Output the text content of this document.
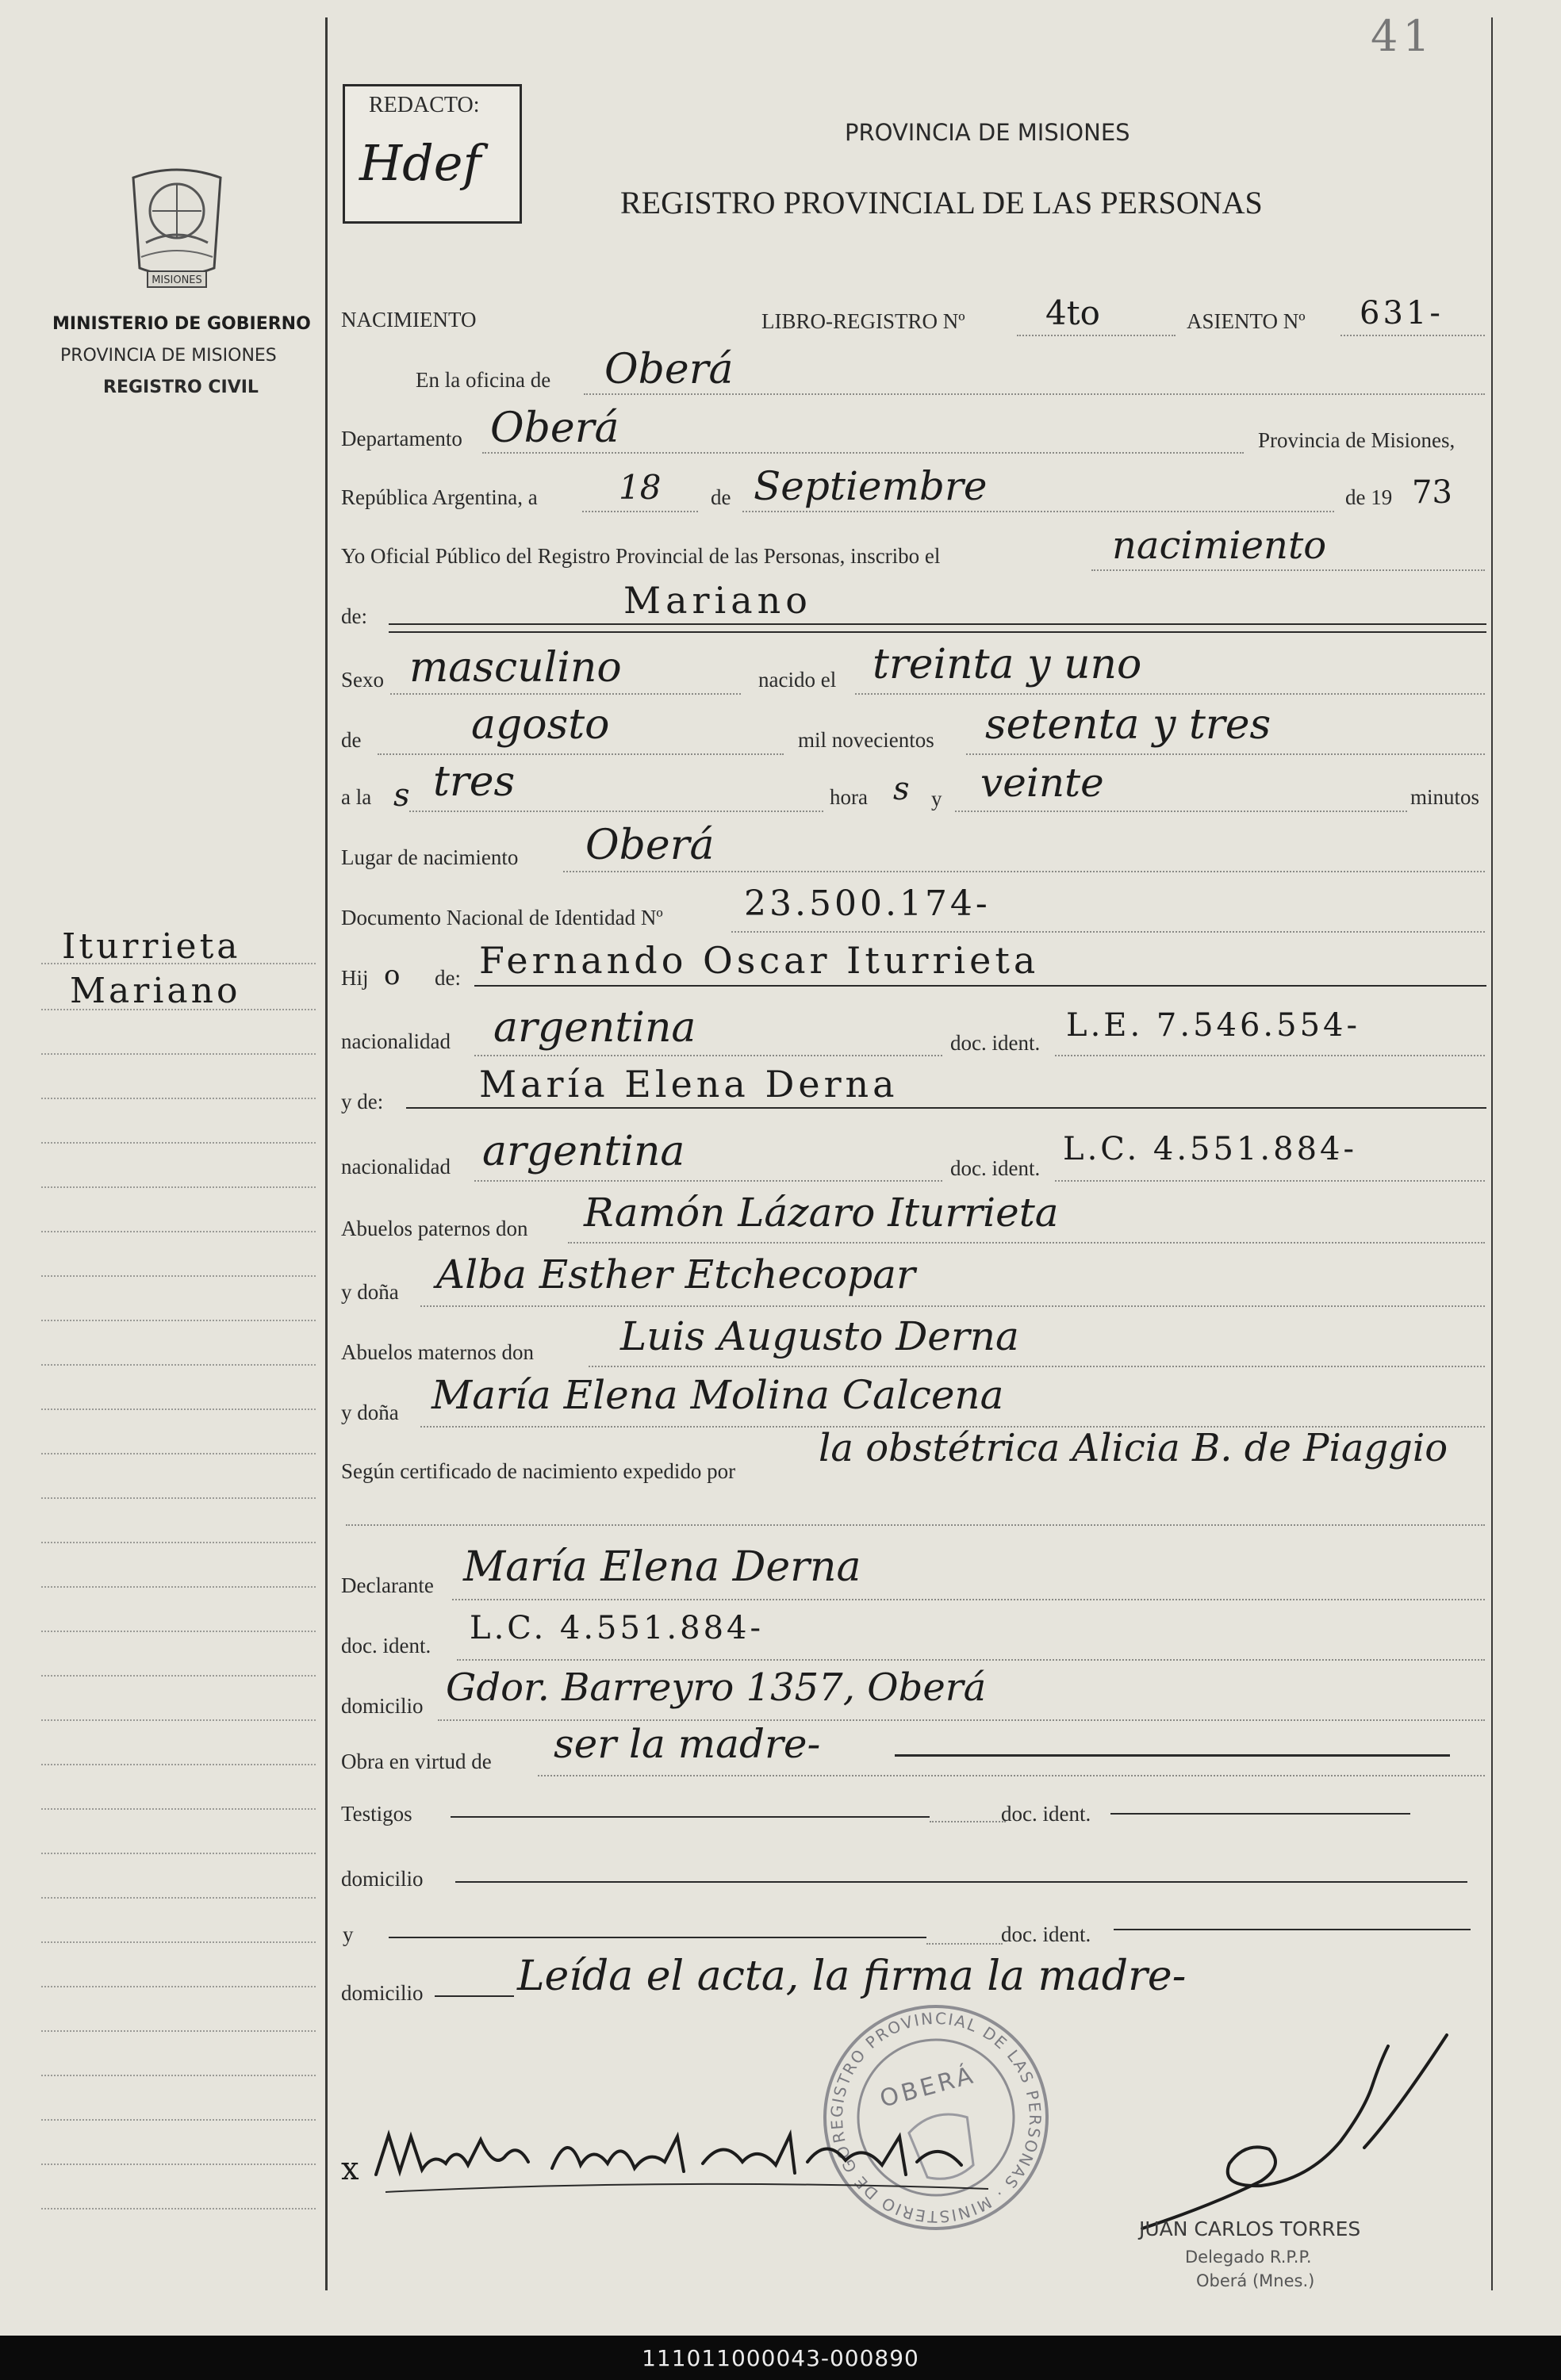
41
REDACTO:
Hdef
PROVINCIA DE MISIONES
REGISTRO PROVINCIAL DE LAS PERSONAS
MISIONES
MINISTERIO DE GOBIERNO
PROVINCIA DE MISIONES
REGISTRO CIVIL
Iturrieta
Mariano
NACIMIENTO	LIBRO-REGISTRO Nº 4to	ASIENTO Nº 631-
En la oficina de Oberá
Departamento Oberá	Provincia de Misiones,
República Argentina, a 18 de Septiembre	de 19 73
Yo Oficial Público del Registro Provincial de las Personas, inscribo el	nacimiento
de:	Mariano
Sexo masculino	nacido el treinta y uno
de	agosto	mil novecientos setenta y tres
a la s tres	hora s y veinte	minutos
Lugar de nacimiento Oberá
Documento Nacional de Identidad Nº 23.500.174-
Hij o de: Fernando Oscar Iturrieta
nacionalidad argentina	doc. ident. L.E. 7.546.554-
y de:	María Elena Derna
nacionalidad argentina	doc. ident.
L.C. 4.551.884-
Abuelos paternos don Ramón Lázaro Iturrieta
y doña Alba Esther Etchecopar
Abuelos maternos don Luis Augusto Derna
y doña María Elena Molina Calcena
Según certificado de nacimiento expedido por
la obstétrica Alicia B. de Piaggio
Declarante María Elena Derna
doc. ident. L.C. 4.551.884-
domicilio Gdor. Barreyro 1357, Oberá
Obra en virtud de ser la madre-
Testigos	doc. ident.
domicilio
y	doc. ident.
domicilio Leída el acta, la firma la madre-
REGISTRO PROVINCIAL DE LAS PERSONAS · MINISTERIO DE GOBIERNO
OBERÁ
x
JUAN CARLOS TORRES
Delegado R.P.P.
Oberá (Mnes.)
111011000043-000890
